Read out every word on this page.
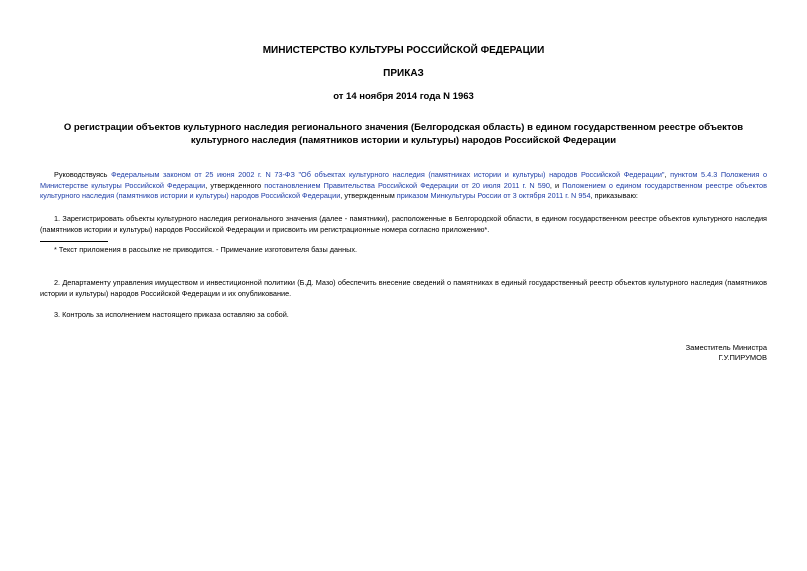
МИНИСТЕРСТВО КУЛЬТУРЫ РОССИЙСКОЙ ФЕДЕРАЦИИ
ПРИКАЗ
от 14 ноября 2014 года N 1963
О регистрации объектов культурного наследия регионального значения (Белгородская область) в едином государственном реестре объектов культурного наследия (памятников истории и культуры) народов Российской Федерации
Руководствуясь Федеральным законом от 25 июня 2002 г. N 73-ФЗ "Об объектах культурного наследия (памятниках истории и культуры) народов Российской Федерации", пунктом 5.4.3 Положения о Министерстве культуры Российской Федерации, утвержденного постановлением Правительства Российской Федерации от 20 июля 2011 г. N 590, и Положением о едином государственном реестре объектов культурного наследия (памятников истории и культуры) народов Российской Федерации, утвержденным приказом Минкультуры России от 3 октября 2011 г. N 954, приказываю:
1. Зарегистрировать объекты культурного наследия регионального значения (далее - памятники), расположенные в Белгородской области, в едином государственном реестре объектов культурного наследия (памятников истории и культуры) народов Российской Федерации и присвоить им регистрационные номера согласно приложению*.
* Текст приложения в рассылке не приводится. - Примечание изготовителя базы данных.
2. Департаменту управления имуществом и инвестиционной политики (Б.Д. Мазо) обеспечить внесение сведений о памятниках в единый государственный реестр объектов культурного наследия (памятников истории и культуры) народов Российской Федерации и их опубликование.
3. Контроль за исполнением настоящего приказа оставляю за собой.
Заместитель Министра
Г.У.ПИРУМОВ
